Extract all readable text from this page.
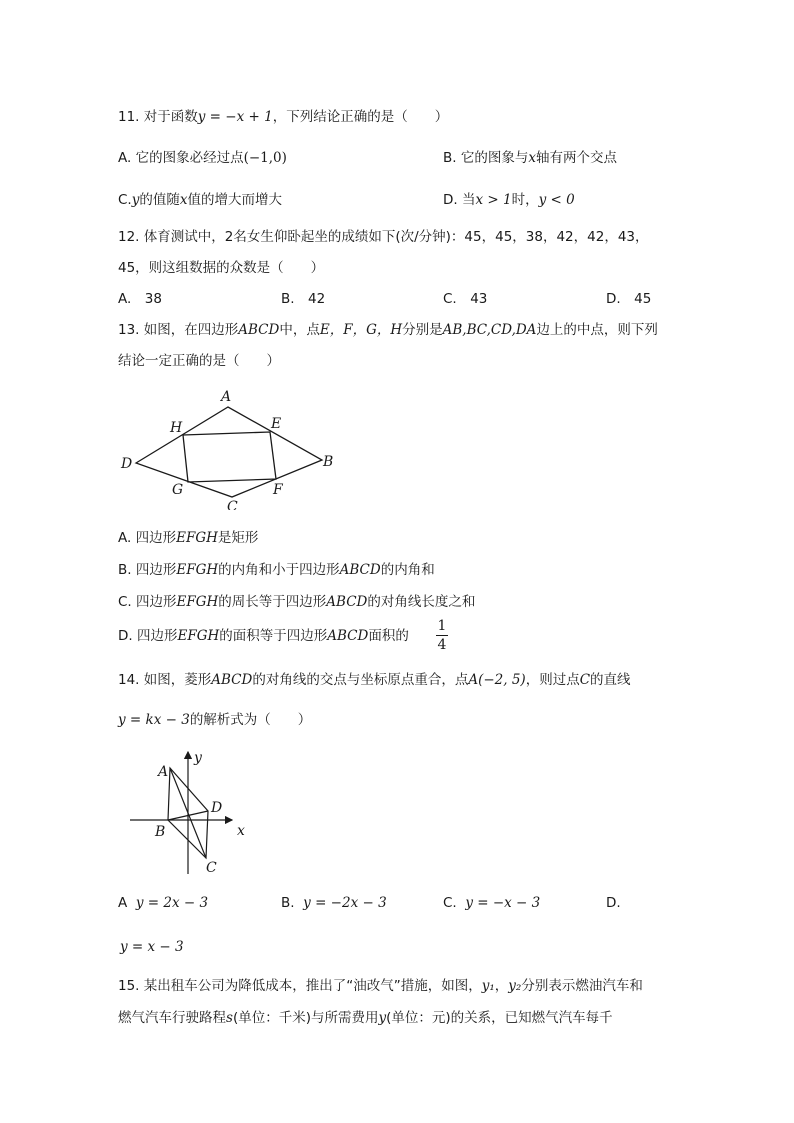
11. 对于函数y = −x + 1，下列结论正确的是（　　）
A. 它的图象必经过点(−1,0)	B. 它的图象与x轴有两个交点
C.y的值随x值的增大而增大	D. 当x > 1时，y < 0
12. 体育测试中，2名女生仰卧起坐的成绩如下(次/分钟)：45，45，38，42，42，43，
45，则这组数据的众数是（　　）
A.　38	B.　42	C.　43	D.　45
13. 如图，在四边形ABCD中，点E，F，G，H分别是AB,BC,CD,DA边上的中点，则下列
结论一定正确的是（　　）
A
B
C
D
E
F
G
H
A. 四边形EFGH是矩形
B. 四边形EFGH的内角和小于四边形ABCD的内角和
C. 四边形EFGH的周长等于四边形ABCD的对角线长度之和
D. 四边形EFGH的面积等于四边形ABCD面积的
1
4
14. 如图，菱形ABCD的对角线的交点与坐标原点重合，点A(−2, 5)，则过点C的直线
y = kx − 3的解析式为（　　）
A
B
C
D
x
y
A y = 2x − 3	B. y = −2x − 3	C. y = −x − 3	D.
y = x − 3
15. 某出租车公司为降低成本，推出了“油改气”措施，如图，y₁，y₂分别表示燃油汽车和
燃气汽车行驶路程s(单位：千米)与所需费用y(单位：元)的关系，已知燃气汽车每千
